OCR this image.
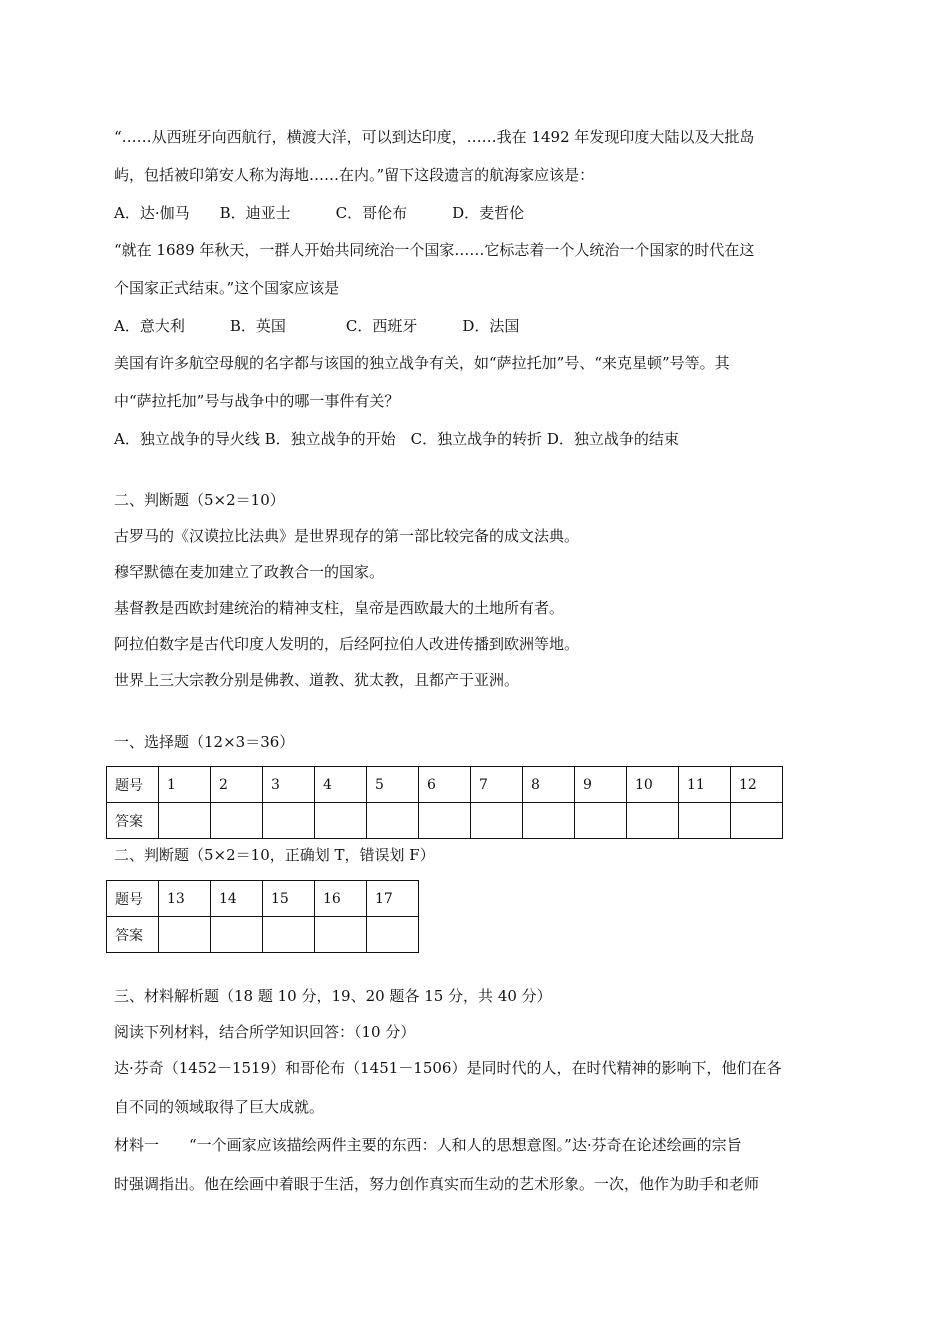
“……从西班牙向西航行，横渡大洋，可以到达印度，……我在 1492 年发现印度大陆以及大批岛
屿，包括被印第安人称为海地……在内。”留下这段遗言的航海家应该是：
A．达·伽马　　B．迪亚士　　　C．哥伦布　　　D．麦哲伦
“就在 1689 年秋天，一群人开始共同统治一个国家……它标志着一个人统治一个国家的时代在这
个国家正式结束。”这个国家应该是
A．意大利　　　B．英国　　　　C．西班牙　　　D．法国
美国有许多航空母舰的名字都与该国的独立战争有关，如“萨拉托加”号、“来克星顿”号等。其
中“萨拉托加”号与战争中的哪一事件有关？
A．独立战争的导火线 B．独立战争的开始　C．独立战争的转折 D．独立战争的结束
二、判断题（5×2＝10）
古罗马的《汉谟拉比法典》是世界现存的第一部比较完备的成文法典。
穆罕默德在麦加建立了政教合一的国家。
基督教是西欧封建统治的精神支柱，皇帝是西欧最大的土地所有者。
阿拉伯数字是古代印度人发明的，后经阿拉伯人改进传播到欧洲等地。
世界上三大宗教分别是佛教、道教、犹太教，且都产于亚洲。
一、选择题（12×3＝36）
题号	1	2	3	4	5	6	7	8	9	10	11	12
答案												
二、判断题（5×2＝10，正确划 T，错误划 F）
题号	13	14	15	16	17
答案					
三、材料解析题（18 题 10 分，19、20 题各 15 分，共 40 分）
阅读下列材料，结合所学知识回答：（10 分）
达·芬奇（1452－1519）和哥伦布（1451－1506）是同时代的人，在时代精神的影响下，他们在各
自不同的领域取得了巨大成就。
材料一　　“一个画家应该描绘两件主要的东西：人和人的思想意图。”达·芬奇在论述绘画的宗旨
时强调指出。他在绘画中着眼于生活，努力创作真实而生动的艺术形象。一次，他作为助手和老师
